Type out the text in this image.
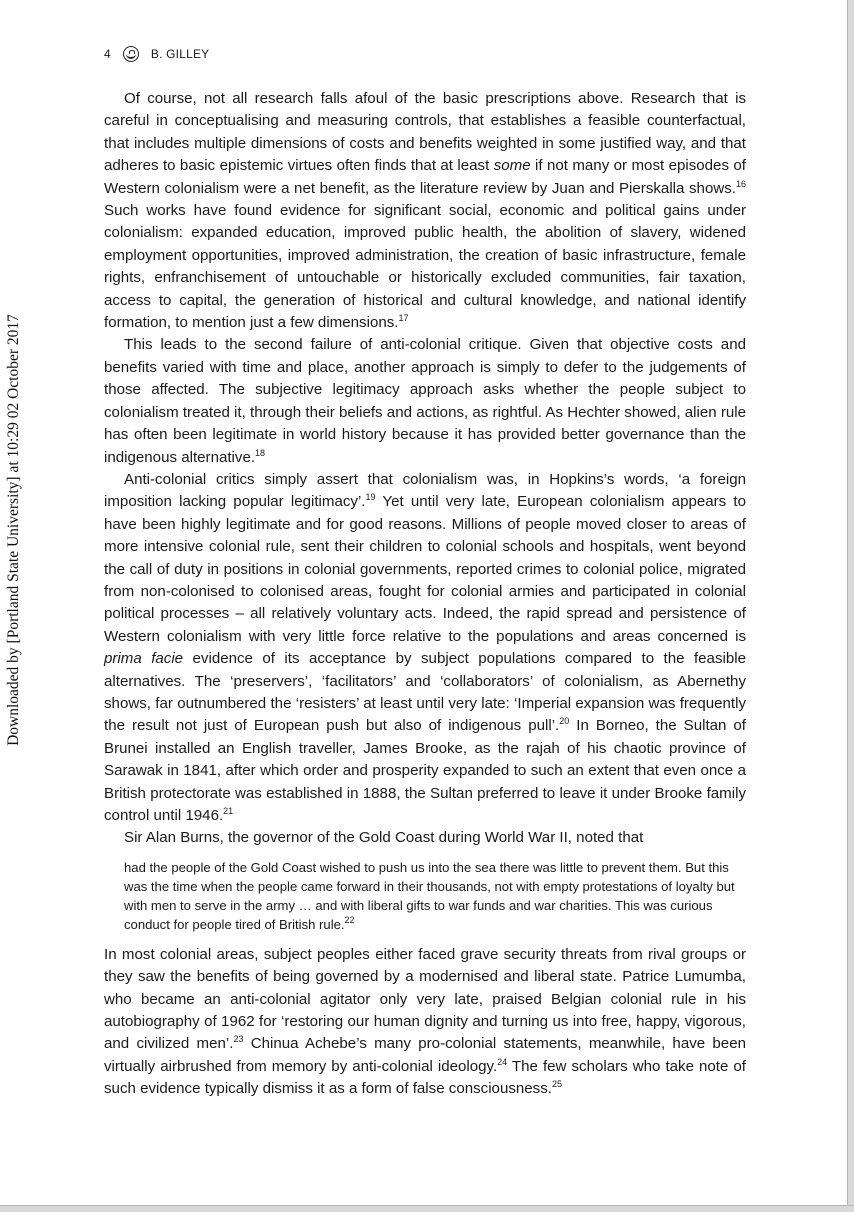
4	B. GILLEY
Downloaded by [Portland State University] at 10:29 02 October 2017

Of course, not all research falls afoul of the basic prescriptions above. Research that is careful in conceptualising and measuring controls, that establishes a feasible counterfactual, that includes multiple dimensions of costs and benefits weighted in some justified way, and that adheres to basic epistemic virtues often finds that at least some if not many or most episodes of Western colonialism were a net benefit, as the literature review by Juan and Pierskalla shows.$^{16}$ Such works have found evidence for significant social, economic and political gains under colonialism: expanded education, improved public health, the abolition of slavery, widened employment opportunities, improved administration, the creation of basic infrastructure, female rights, enfranchisement of untouchable or historically excluded communities, fair taxation, access to capital, the generation of historical and cultural knowledge, and national identify formation, to mention just a few dimensions.$^{17}$

This leads to the second failure of anti-colonial critique. Given that objective costs and benefits varied with time and place, another approach is simply to defer to the judgements of those affected. The subjective legitimacy approach asks whether the people subject to colonialism treated it, through their beliefs and actions, as rightful. As Hechter showed, alien rule has often been legitimate in world history because it has provided better governance than the indigenous alternative.$^{18}$

Anti-colonial critics simply assert that colonialism was, in Hopkins’s words, ‘a foreign imposition lacking popular legitimacy’.$^{19}$ Yet until very late, European colonialism appears to have been highly legitimate and for good reasons. Millions of people moved closer to areas of more intensive colonial rule, sent their children to colonial schools and hospitals, went beyond the call of duty in positions in colonial governments, reported crimes to colonial police, migrated from non-colonised to colonised areas, fought for colonial armies and participated in colonial political processes – all relatively voluntary acts. Indeed, the rapid spread and persistence of Western colonialism with very little force relative to the populations and areas concerned is prima facie evidence of its acceptance by subject populations compared to the feasible alternatives. The ‘preservers’, ‘facilitators’ and ‘collaborators’ of colonialism, as Abernethy shows, far outnumbered the ‘resisters’ at least until very late: ‘Imperial expansion was frequently the result not just of European push but also of indigenous pull’.$^{20}$ In Borneo, the Sultan of Brunei installed an English traveller, James Brooke, as the rajah of his chaotic province of Sarawak in 1841, after which order and prosperity expanded to such an extent that even once a British protectorate was established in 1888, the Sultan preferred to leave it under Brooke family control until 1946.21

Sir Alan Burns, the governor of the Gold Coast during World War II, noted that

had the people of the Gold Coast wished to push us into the sea there was little to prevent them. But this was the time when the people came forward in their thousands, not with empty protestations of loyalty but with men to serve in the army … and with liberal gifts to war funds and war charities. This was curious conduct for people tired of British rule.$^{22}$

In most colonial areas, subject peoples either faced grave security threats from rival groups or they saw the benefits of being governed by a modernised and liberal state. Patrice Lumumba, who became an anti-colonial agitator only very late, praised Belgian colonial rule in his autobiography of 1962 for ‘restoring our human dignity and turning us into free, happy, vigorous, and civilized men’.$^{23}$ Chinua Achebe’s many pro-colonial statements, meanwhile, have been virtually airbrushed from memory by anti-colonial ideology.$^{24}$ The few scholars who take note of such evidence typically dismiss it as a form of false consciousness.$^{25}$
